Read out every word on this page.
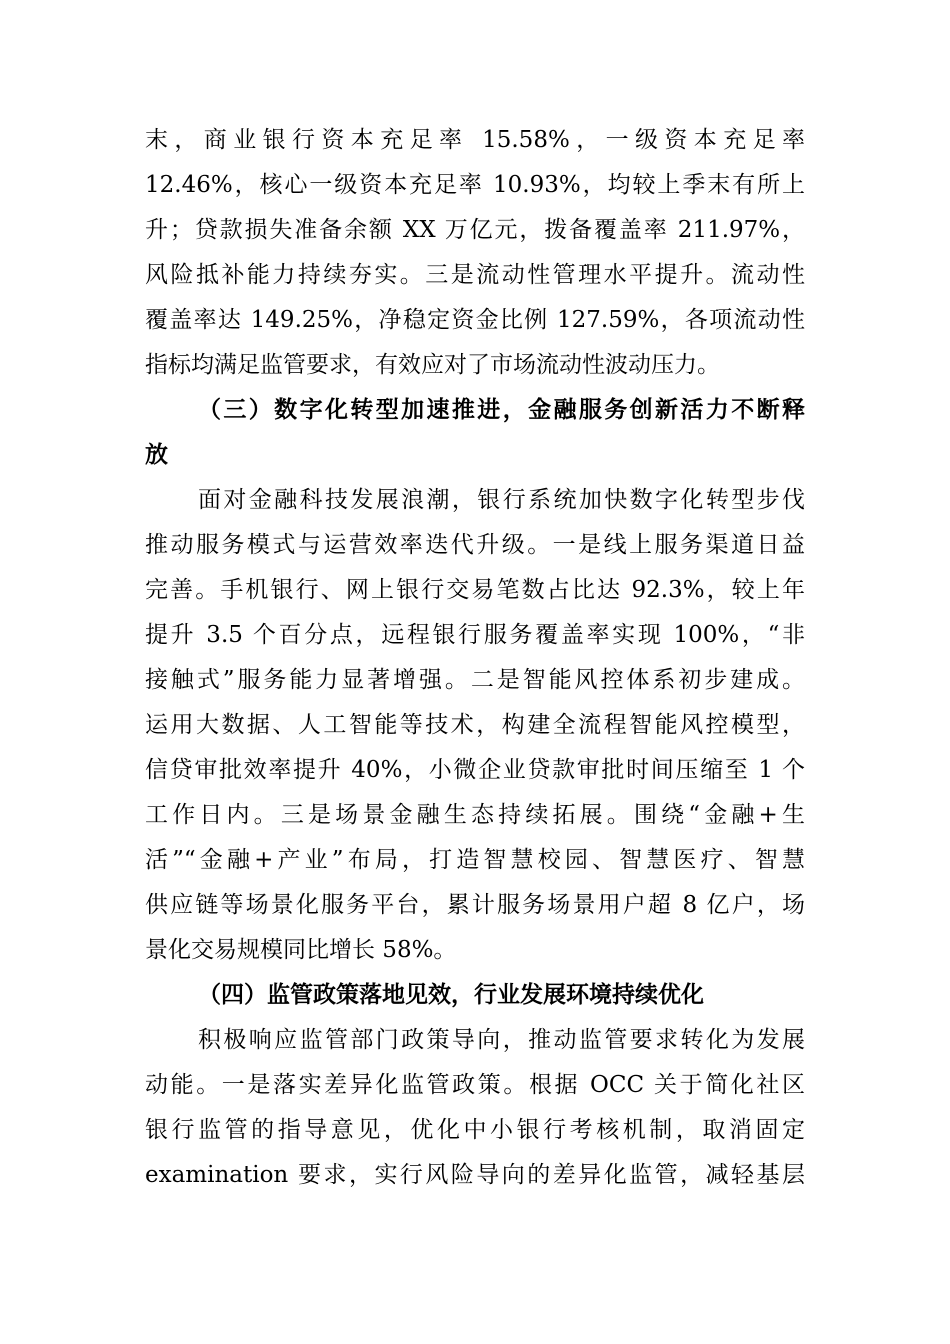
末，商业银行资本充足率 15.58%，一级资本充足率
12.46%，核心一级资本充足率 10.93%，均较上季末有所上
升；贷款损失准备余额 XX 万亿元，拨备覆盖率 211.97%，
风险抵补能力持续夯实。三是流动性管理水平提升。流动性
覆盖率达 149.25%，净稳定资金比例 127.59%，各项流动性
指标均满足监管要求，有效应对了市场流动性波动压力。
（三）数字化转型加速推进，金融服务创新活力不断释
放
面对金融科技发展浪潮，银行系统加快数字化转型步伐
推动服务模式与运营效率迭代升级。一是线上服务渠道日益
完善。手机银行、网上银行交易笔数占比达 92.3%，较上年
提升 3.5 个百分点，远程银行服务覆盖率实现 100%，“非
接触式”服务能力显著增强。二是智能风控体系初步建成。
运用大数据、人工智能等技术，构建全流程智能风控模型，
信贷审批效率提升 40%，小微企业贷款审批时间压缩至 1 个
工作日内。三是场景金融生态持续拓展。围绕“金融+生
活”“金融+产业”布局，打造智慧校园、智慧医疗、智慧
供应链等场景化服务平台，累计服务场景用户超 8 亿户，场
景化交易规模同比增长 58%。
（四）监管政策落地见效，行业发展环境持续优化
积极响应监管部门政策导向，推动监管要求转化为发展
动能。一是落实差异化监管政策。根据 OCC 关于简化社区
银行监管的指导意见，优化中小银行考核机制，取消固定
examination 要求，实行风险导向的差异化监管，减轻基层
